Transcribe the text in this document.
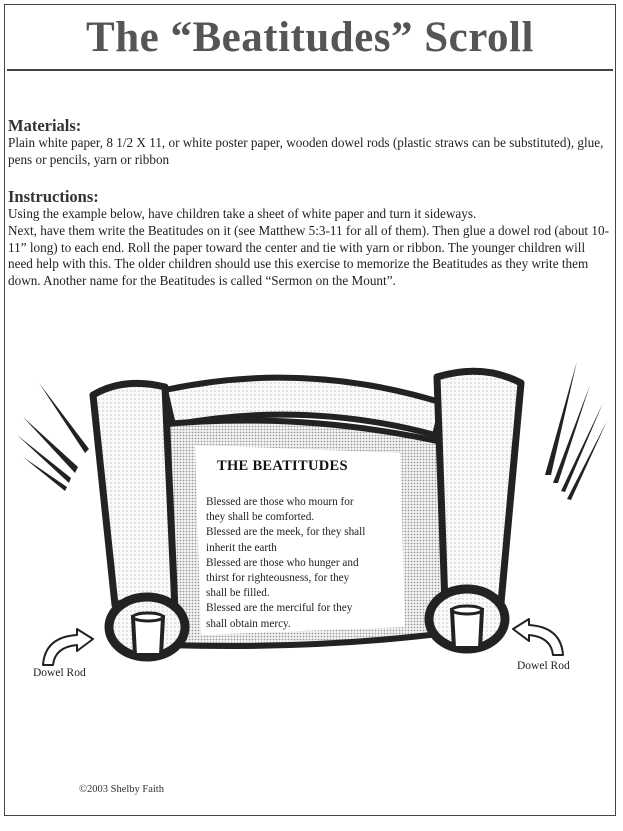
The “Beatitudes” Scroll
Materials:

Plain white paper, 8 1/2 X 11, or white poster paper, wooden dowel rods (plastic straws can be substituted), glue, pens or pencils, yarn or ribbon

Instructions:

Using the example below, have children take a sheet of white paper and turn it sideways.

Next, have them write the Beatitudes on it (see Matthew 5:3-11 for all of them). Then glue a dowel rod (about 10-11” long) to each end. Roll the paper toward the center and tie with yarn or ribbon. The younger children will need help with this. The older children should use this exercise to memorize the Beatitudes as they write them down. Another name for the Beatitudes is called “Sermon on the Mount”.

THE BEATITUDES
Blessed are those who mourn for
they shall be comforted.
Blessed are the meek, for they shall
inherit the earth
Blessed are those who hunger and
thirst for righteousness, for they
shall be filled.
Blessed are the merciful for they
shall obtain mercy.
Dowel Rod
Dowel Rod
©2003 Shelby Faith
